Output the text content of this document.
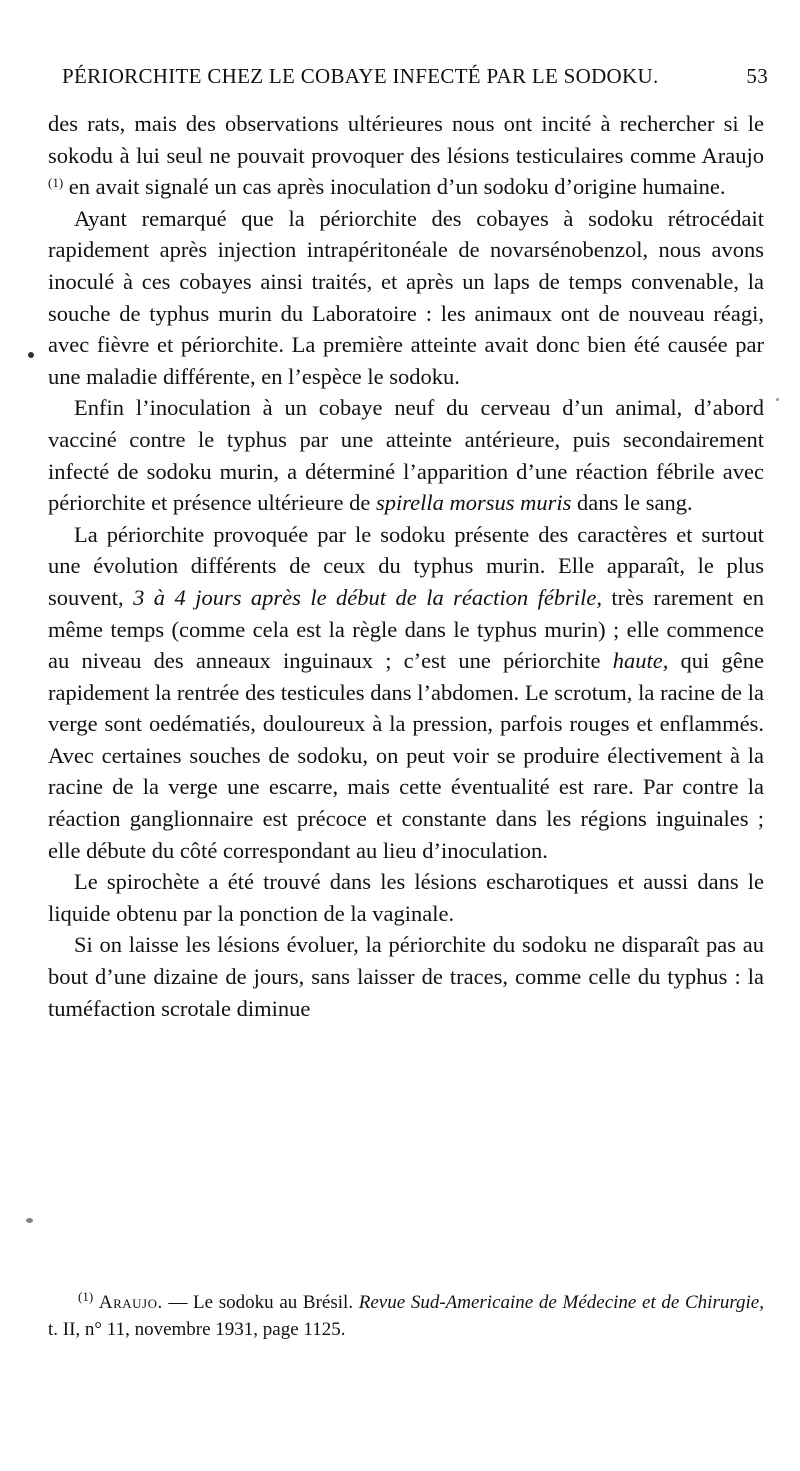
PÉRIORCHITE CHEZ LE COBAYE INFECTÉ PAR LE SODOKU.	53

des rats, mais des observations ultérieures nous ont incité à rechercher si le sokodu à lui seul ne pouvait provoquer des lésions testiculaires comme Araujo $^{(1)}$ en avait signalé un cas après inoculation d’un sodoku d’origine humaine.

Ayant remarqué que la périorchite des cobayes à sodoku rétrocédait rapidement après injection intrapéritonéale de novarsénobenzol, nous avons inoculé à ces cobayes ainsi traités, et après un laps de temps convenable, la souche de typhus murin du Laboratoire : les animaux ont de nouveau réagi, avec fièvre et périorchite. La première atteinte avait donc bien été causée par une maladie différente, en l’espèce le sodoku.

Enfin l’inoculation à un cobaye neuf du cerveau d’un animal, d’abord vacciné contre le typhus par une atteinte antérieure, puis secondairement infecté de sodoku murin, a déterminé l’apparition d’une réaction fébrile avec périorchite et présence ultérieure de spirella morsus muris dans le sang.

La périorchite provoquée par le sodoku présente des caractères et surtout une évolution différents de ceux du typhus murin. Elle apparaît, le plus souvent, 3 à 4 jours après le début de la réaction fébrile, très rarement en même temps (comme cela est la règle dans le typhus murin) ; elle commence au niveau des anneaux inguinaux ; c’est une périorchite haute, qui gêne rapidement la rentrée des testicules dans l’abdomen. Le scrotum, la racine de la verge sont oedématiés, douloureux à la pression, parfois rouges et enflammés. Avec certaines souches de sodoku, on peut voir se produire électivement à la racine de la verge une escarre, mais cette éventualité est rare. Par contre la réaction ganglionnaire est précoce et constante dans les régions inguinales ; elle débute du côté correspondant au lieu d’inoculation.

Le spirochète a été trouvé dans les lésions escharotiques et aussi dans le liquide obtenu par la ponction de la vaginale.

Si on laisse les lésions évoluer, la périorchite du sodoku ne disparaît pas au bout d’une dizaine de jours, sans laisser de traces, comme celle du typhus : la tuméfaction scrotale diminue

$^{(1)}$ Araujo. — Le sodoku au Brésil. Revue Sud-Americaine de Médecine et de Chirurgie, t. II, n° 11, novembre 1931, page 1125.
